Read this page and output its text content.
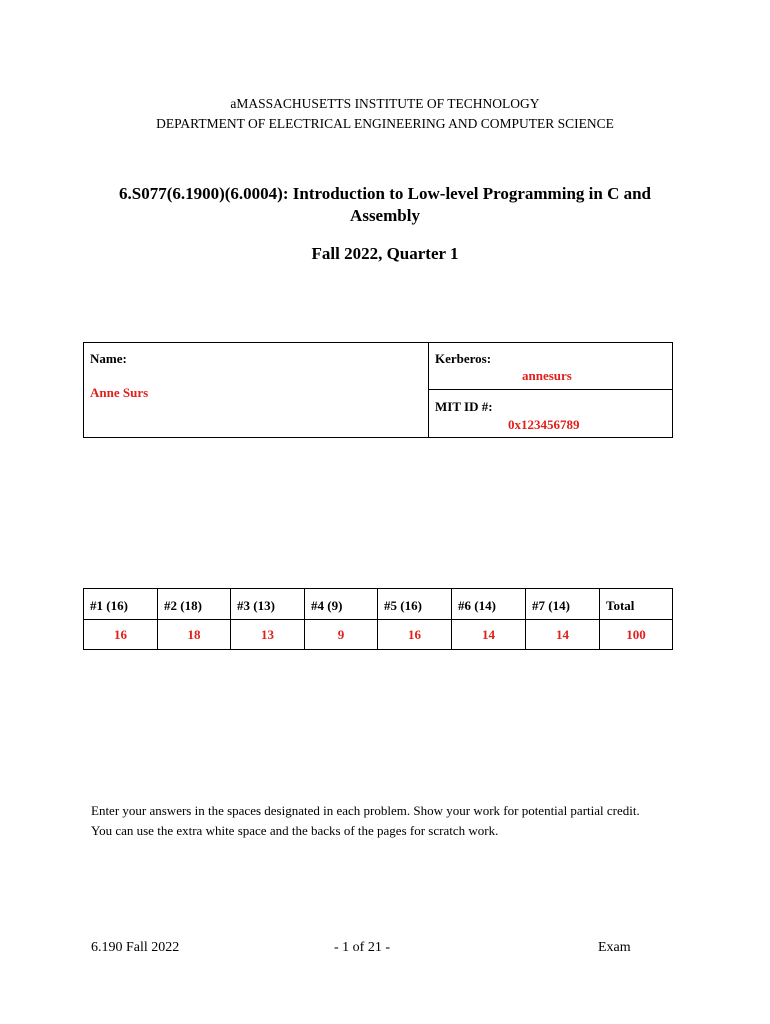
aMASSACHUSETTS INSTITUTE OF TECHNOLOGY
DEPARTMENT OF ELECTRICAL ENGINEERING AND COMPUTER SCIENCE
6.S077(6.1900)(6.0004): Introduction to Low-level Programming in C and
Assembly
Fall 2022, Quarter 1
Name:
Anne Surs
Kerberos:
annesurs
MIT ID #:
0x123456789
#1 (16)
16
#2 (18)
18
#3 (13)
13
#4 (9)
9
#5 (16)
16
#6 (14)
14
#7 (14)
14
Total
100
Enter your answers in the spaces designated in each problem. Show your work for potential partial credit.
You can use the extra white space and the backs of the pages for scratch work.
6.190 Fall 2022	- 1 of 21 -	Exam
